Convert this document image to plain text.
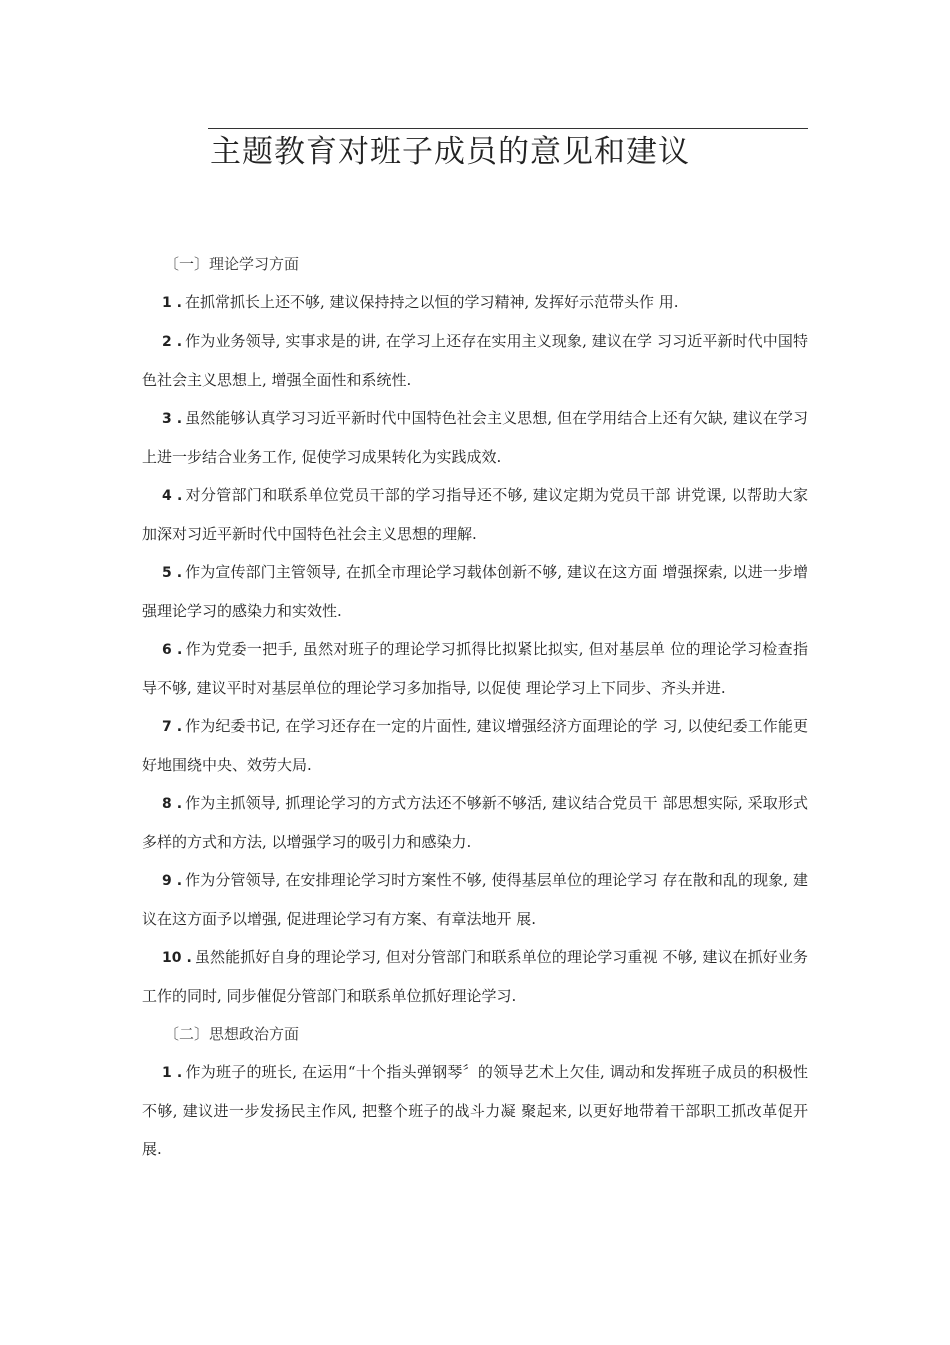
主题教育对班子成员的意见和建议
〔一〕理论学习方面

1 . 在抓常抓长上还不够, 建议保持持之以恒的学习精神, 发挥好示范带头作 用.

2 . 作为业务领导, 实事求是的讲, 在学习上还存在实用主义现象, 建议在学 习习近平新时代中国特色社会主义思想上, 增强全面性和系统性.

3 . 虽然能够认真学习习近平新时代中国特色社会主义思想, 但在学用结合上还有欠缺, 建议在学习上进一步结合业务工作, 促使学习成果转化为实践成效.

4 . 对分管部门和联系单位党员干部的学习指导还不够, 建议定期为党员干部 讲党课, 以帮助大家加深对习近平新时代中国特色社会主义思想的理解.

5 . 作为宣传部门主管领导, 在抓全市理论学习载体创新不够, 建议在这方面 增强探索, 以进一步增强理论学习的感染力和实效性.

6 . 作为党委一把手, 虽然对班子的理论学习抓得比拟紧比拟实, 但对基层单 位的理论学习检查指导不够, 建议平时对基层单位的理论学习多加指导, 以促使 理论学习上下同步、齐头并进.

7 . 作为纪委书记, 在学习还存在一定的片面性, 建议增强经济方面理论的学 习, 以使纪委工作能更好地围绕中央、效劳大局.

8 . 作为主抓领导, 抓理论学习的方式方法还不够新不够活, 建议结合党员干 部思想实际, 采取形式多样的方式和方法, 以增强学习的吸引力和感染力.

9 . 作为分管领导, 在安排理论学习时方案性不够, 使得基层单位的理论学习 存在散和乱的现象, 建议在这方面予以增强, 促进理论学习有方案、有章法地开 展.

10 . 虽然能抓好自身的理论学习, 但对分管部门和联系单位的理论学习重视 不够, 建议在抓好业务工作的同时, 同步催促分管部门和联系单位抓好理论学习.

〔二〕思想政治方面

1 . 作为班子的班长, 在运用“十个指头弹钢琴〞的领导艺术上欠佳, 调动和发挥班子成员的积极性不够, 建议进一步发扬民主作风, 把整个班子的战斗力凝 聚起来, 以更好地带着干部职工抓改革促开展.
